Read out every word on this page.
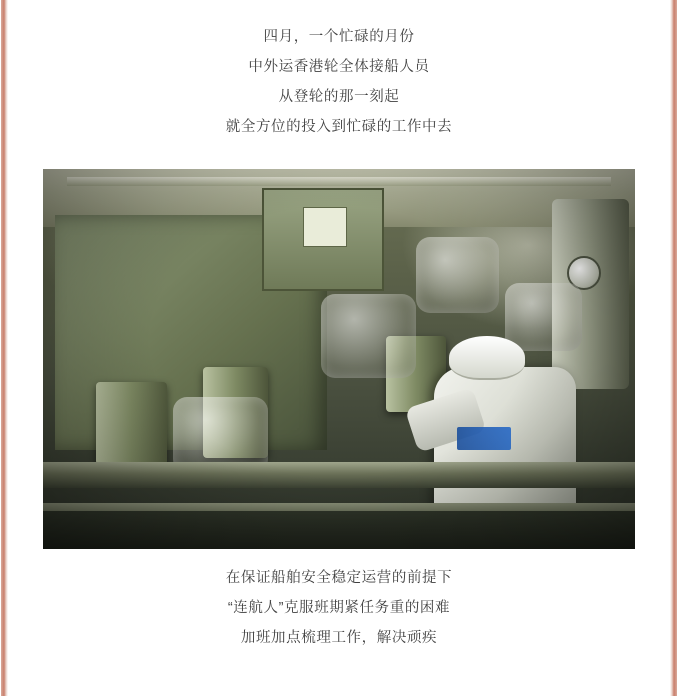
四月，一个忙碌的月份
中外运香港轮全体接船人员
从登轮的那一刻起
就全方位的投入到忙碌的工作中去
在保证船舶安全稳定运营的前提下
“连航人”克服班期紧任务重的困难
加班加点梳理工作，解决顽疾
